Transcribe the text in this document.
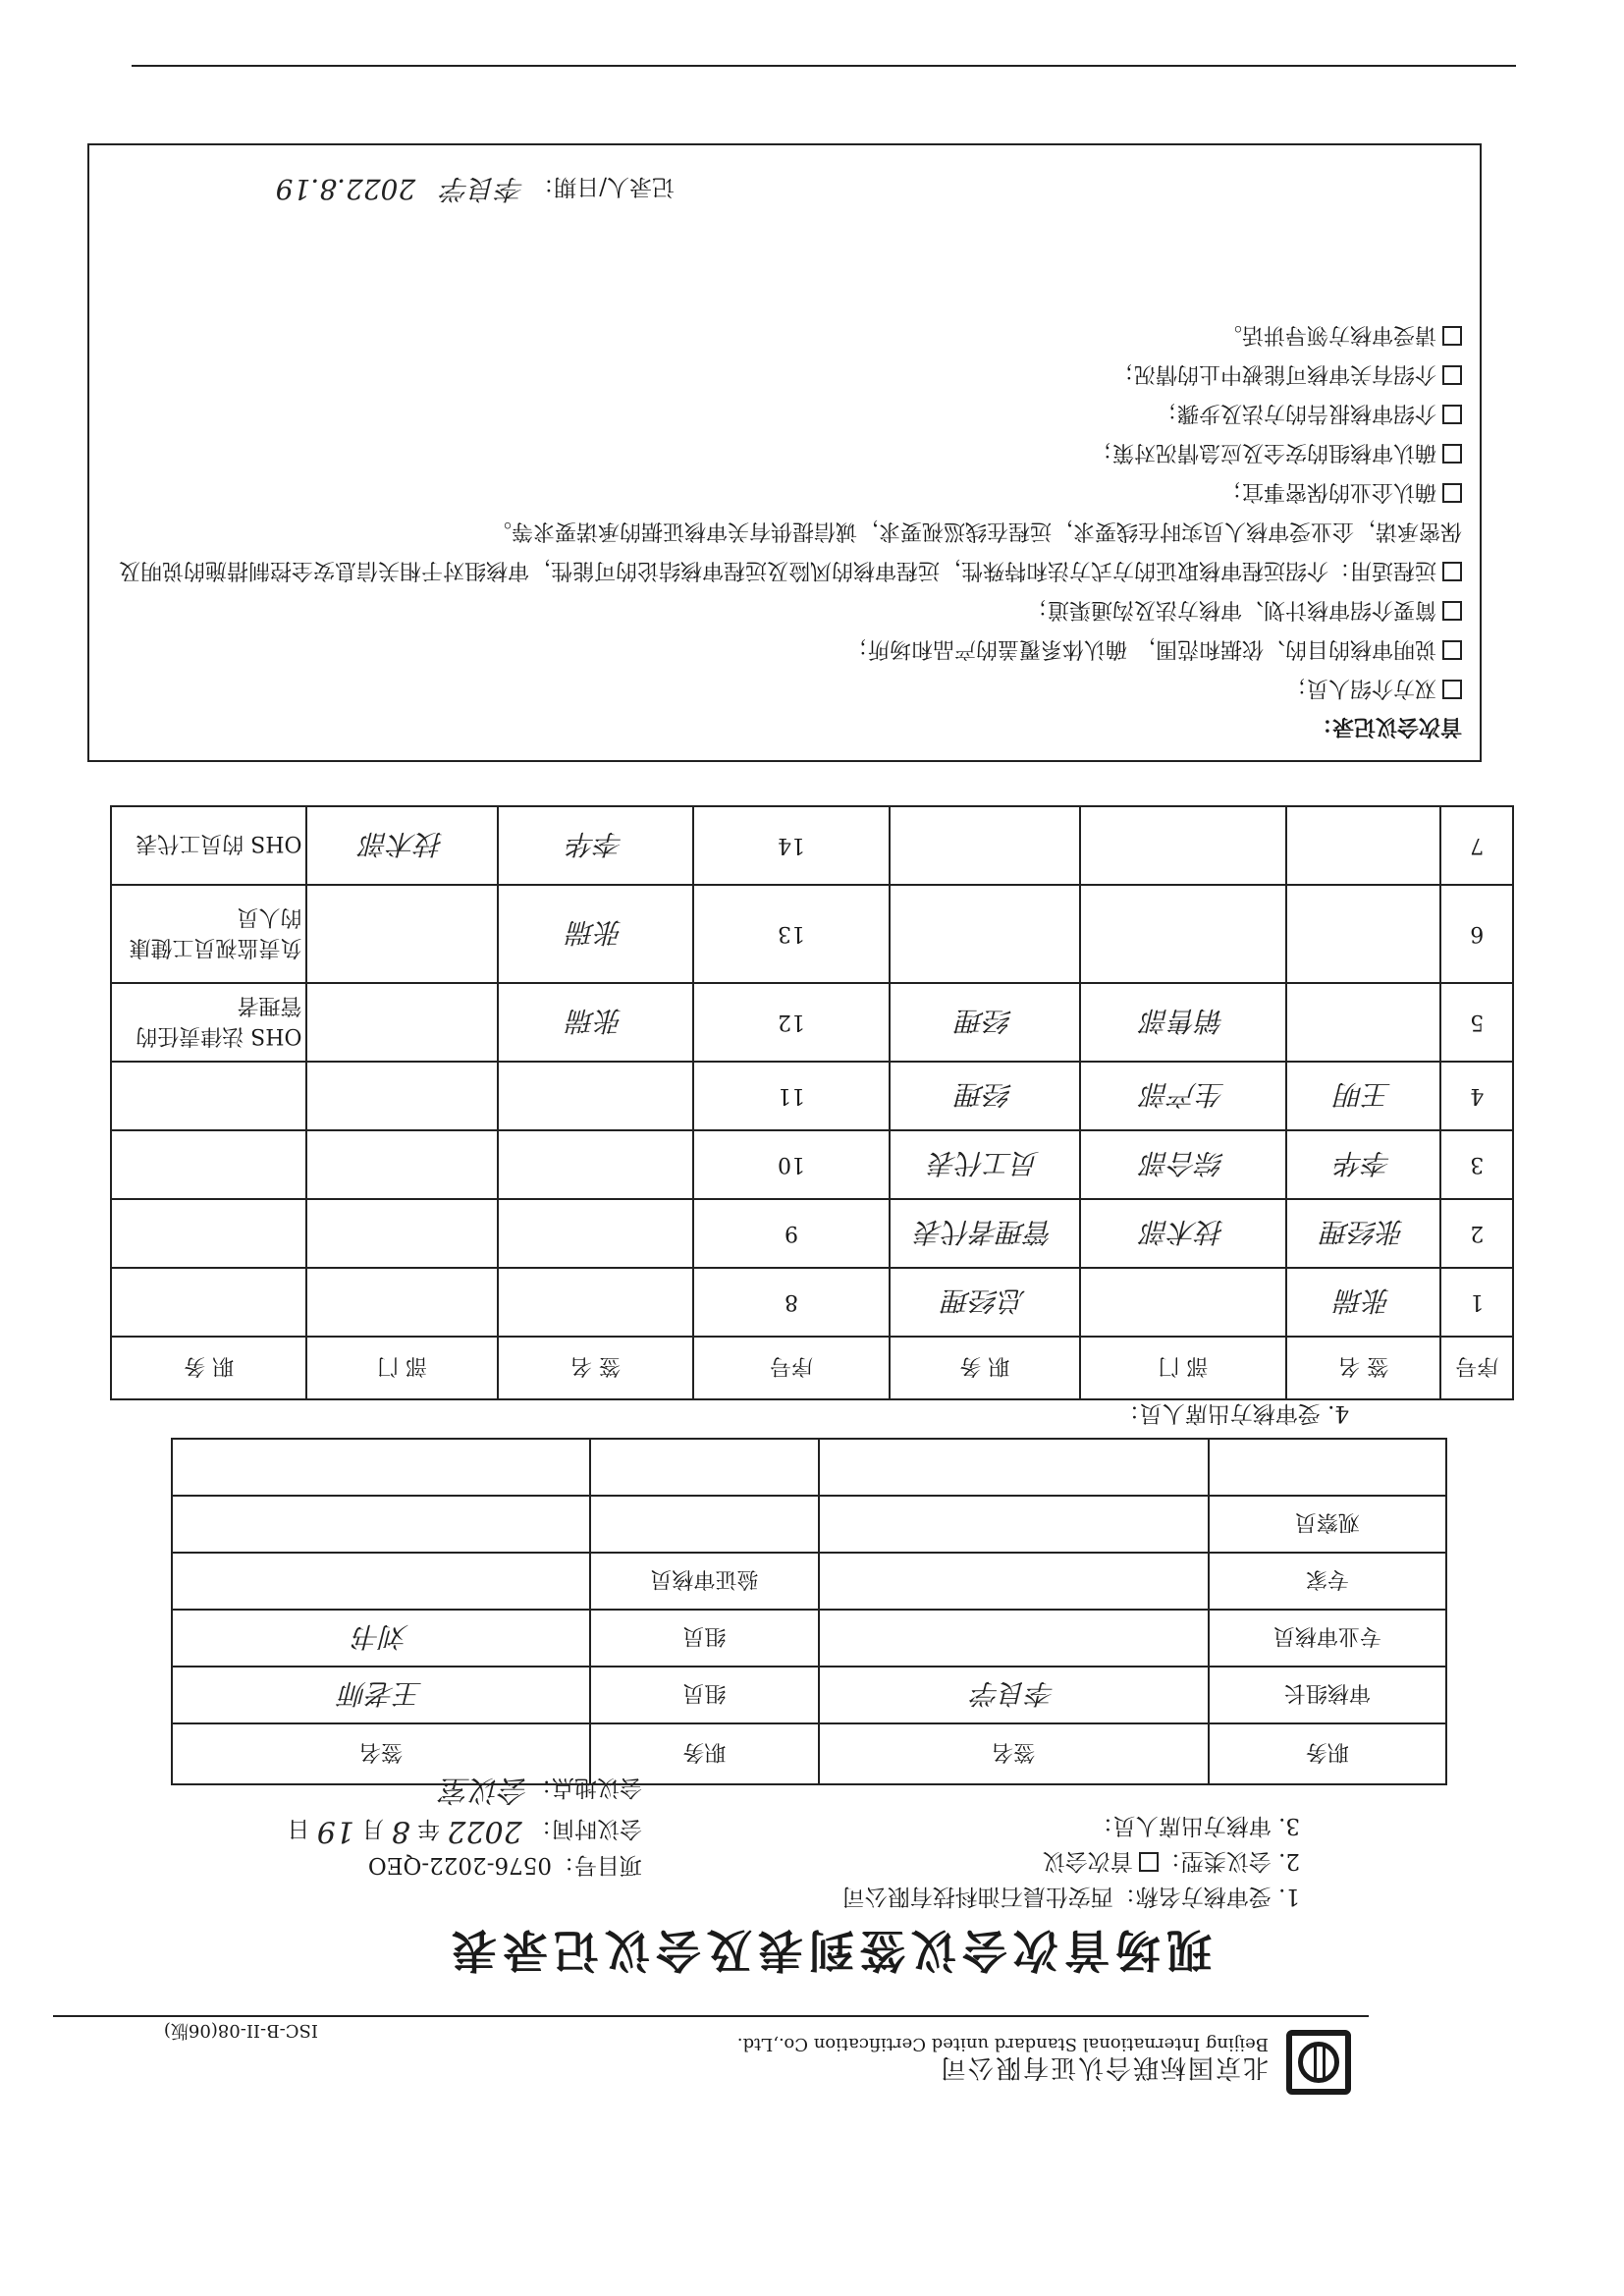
北京国标联合认证有限公司
Beijing International Standard united Certification Co.,Ltd.
ISC-B-II-08(06版)
现场首次会议签到表及会议记录表
1. 受审核方名称：西安仕晨石油科技有限公司
项目号：0576-2022-QEO	2. 会议类型：首次会议
会议时间： 2022 年 8 月 19 日	3. 审核方出席人员：
会议地点：会议室
职务	签名	职务	签名
审核组长	李良学	组员	王老师
专业审核员		组员	刘书
专家		验证审核员	
观察员			

4. 受审核方出席人员：
序号	签 名	部 门	职 务	序号	签 名	部 门	职 务
1	张瑞		总经理	8			
2	张经理	技术部	管理者代表	9			
3	李华	综合部	员工代表	10			
4	王明	生产部	经理	11			
5		销售部	经理	12	张瑞		OHS 法律责任的管理者
6				13	张瑞		负责监视员工健康的人员
7				14	李华	技术部	OHS 的员工代表
首次会议记录：
双方介绍人员；
说明审核的目的、依据和范围， 确认体系覆盖的产品和场所；
简要介绍审核计划、审核方法及沟通渠道；
远程适用：介绍远程审核取证的方式方法和特殊性，远程审核的风险及远程审核结论的可能性，审核组对于相关信息安全控制措施的说明及保密承诺，企业受审核人员实时在线要求，远程在线巡视要求，诚信提供有关审核证据的承诺要求等。
确认企业的保密事宜；
确认审核组的安全及应急情况对策；
介绍审核报告的方法及步骤；
介绍有关审核可能被中止的情况；
请受审核方领导讲话。
记录人/日期： 李良学   2022.8.19
